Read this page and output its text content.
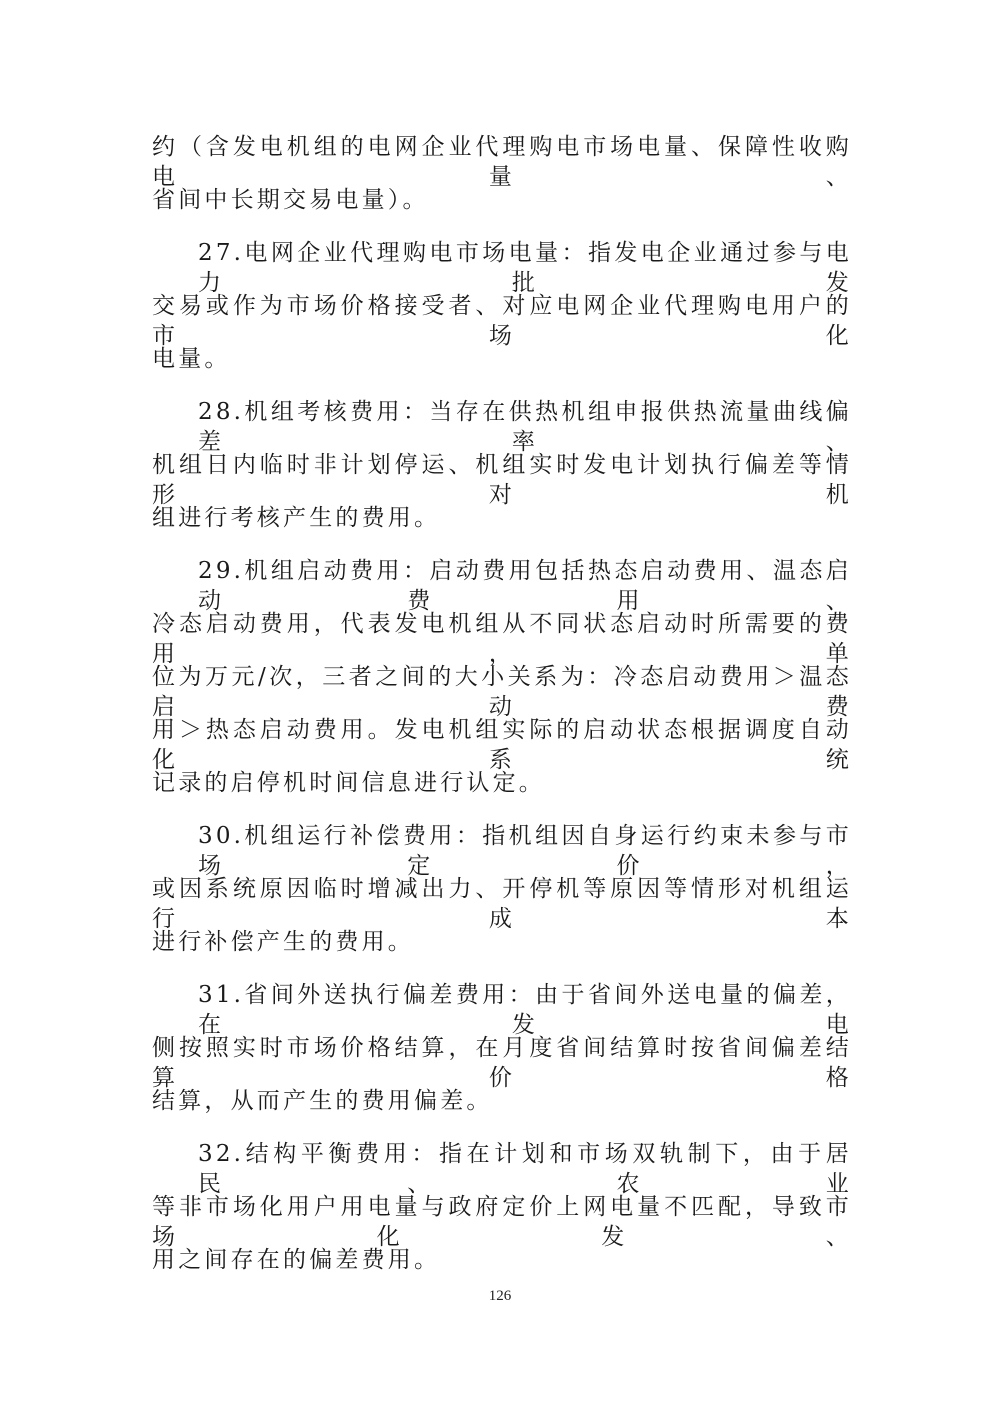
约（含发电机组的电网企业代理购电市场电量、保障性收购电量、
省间中长期交易电量）。
27.电网企业代理购电市场电量：指发电企业通过参与电力批发
交易或作为市场价格接受者、对应电网企业代理购电用户的市场化
电量。
28.机组考核费用：当存在供热机组申报供热流量曲线偏差率、
机组日内临时非计划停运、机组实时发电计划执行偏差等情形对机
组进行考核产生的费用。
29.机组启动费用：启动费用包括热态启动费用、温态启动费用、
冷态启动费用，代表发电机组从不同状态启动时所需要的费用，单
位为万元/次，三者之间的大小关系为：冷态启动费用＞温态启动费
用＞热态启动费用。发电机组实际的启动状态根据调度自动化系统
记录的启停机时间信息进行认定。
30.机组运行补偿费用：指机组因自身运行约束未参与市场定价，
或因系统原因临时增减出力、开停机等原因等情形对机组运行成本
进行补偿产生的费用。
31.省间外送执行偏差费用：由于省间外送电量的偏差，在发电
侧按照实时市场价格结算，在月度省间结算时按省间偏差结算价格
结算，从而产生的费用偏差。
32.结构平衡费用：指在计划和市场双轨制下，由于居民、农业
等非市场化用户用电量与政府定价上网电量不匹配，导致市场化发、
用之间存在的偏差费用。
126
